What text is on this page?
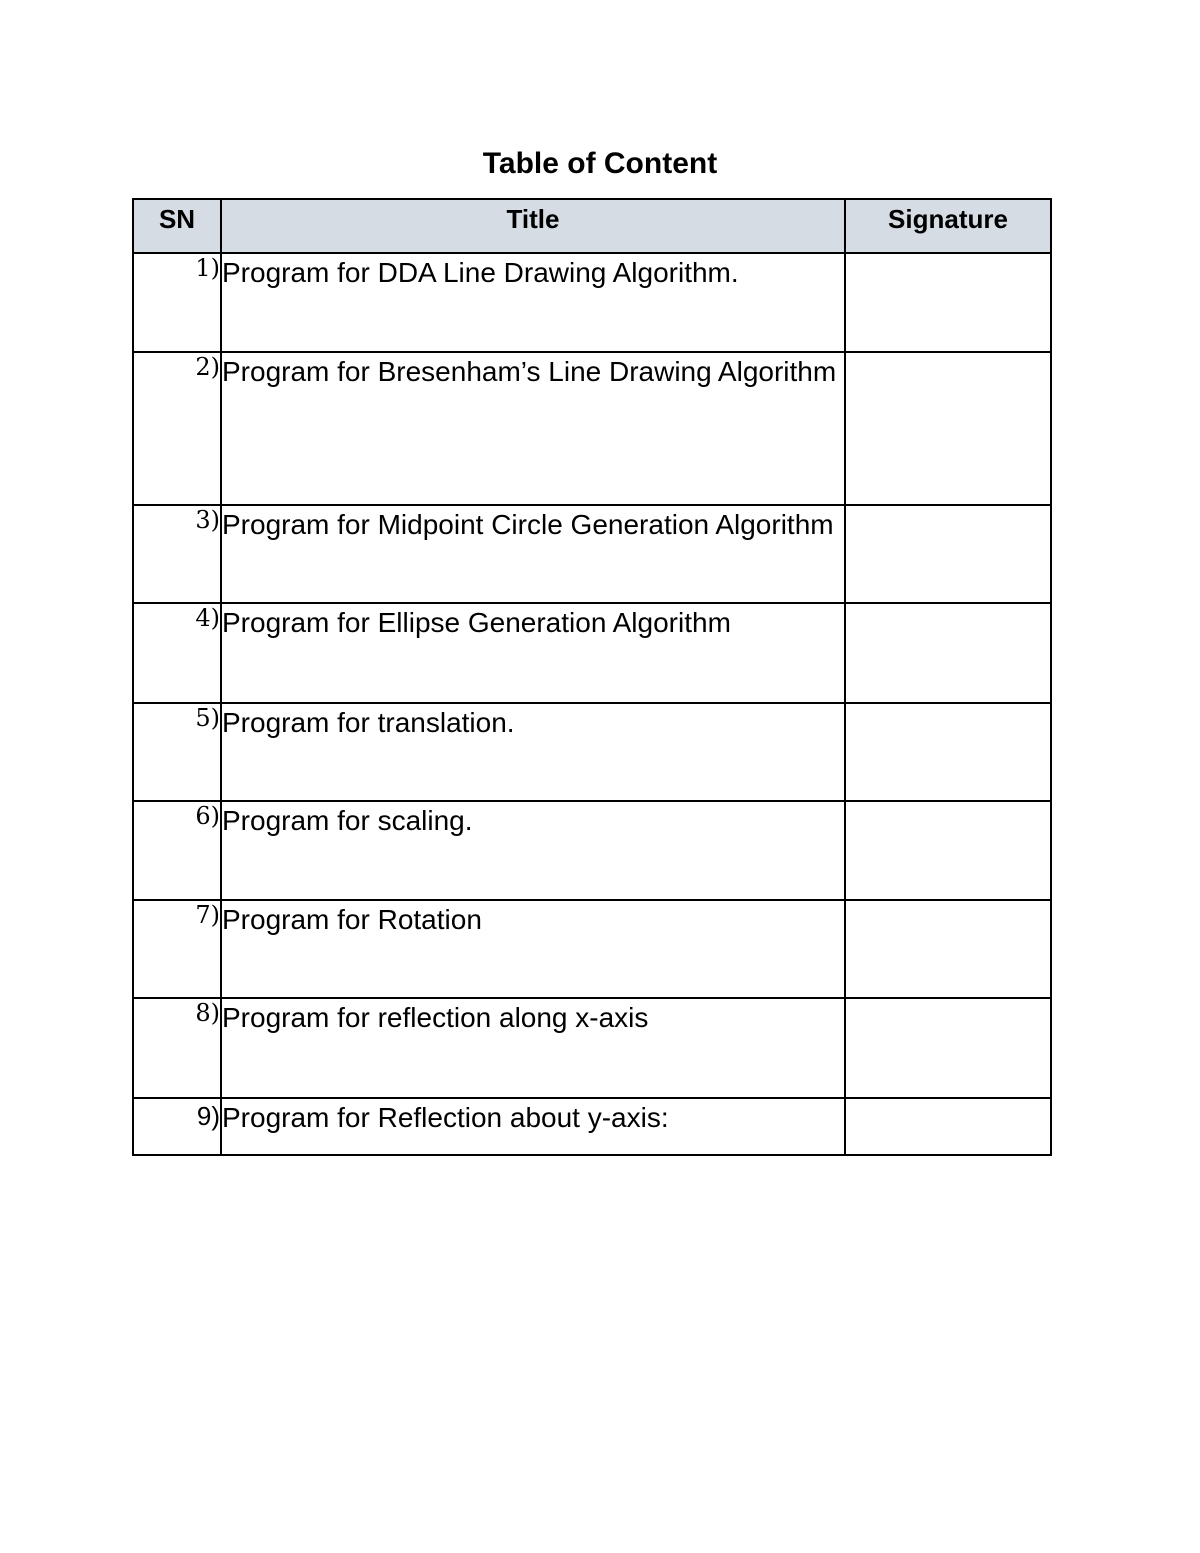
Table of Content
SN	Title	Signature
1)	Program for DDA Line Drawing Algorithm.	
2)	Program for Bresenham’s Line Drawing Algorithm	
3)	Program for Midpoint Circle Generation Algorithm	
4)	Program for Ellipse Generation Algorithm	
5)	Program for translation.	
6)	Program for scaling.	
7)	Program for Rotation	
8)	Program for reflection along x-axis	
9)	Program for Reflection about y-axis:	
